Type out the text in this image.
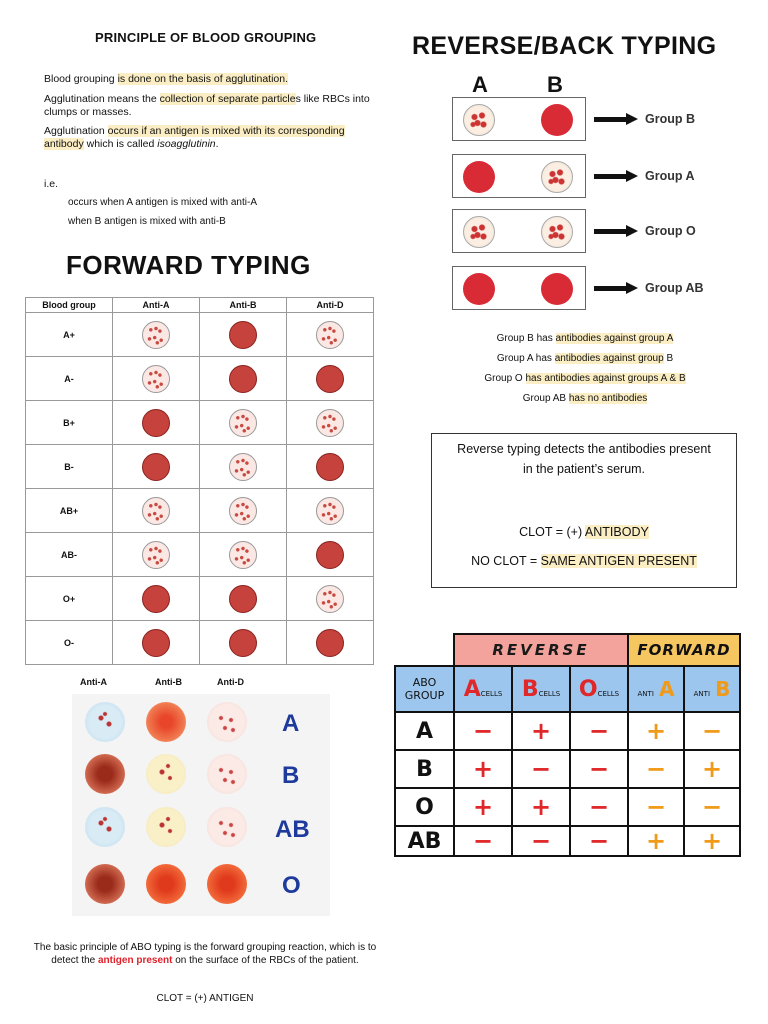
PRINCIPLE OF BLOOD GROUPING
Blood grouping is done on the basis of agglutination.
Agglutination means the collection of separate particles like RBCs into clumps or masses.
Agglutination occurs if an antigen is mixed with its corresponding antibody which is called isoagglutinin.
i.e.
occurs when A antigen is mixed with anti-A
when B antigen is mixed with anti-B
FORWARD TYPING
Blood group	Anti-A	Anti-B	Anti-D
A+			
A-			
B+			
B-			
AB+			
AB-			
O+			
O-			
Anti-A	Anti-B	Anti-D
A
B
AB
O
The basic principle of ABO typing is the forward grouping reaction, which is to
detect the antigen present on the surface of the RBCs of the patient.
CLOT = (+) ANTIGEN
REVERSE/BACK TYPING
A	B
Group B
Group A
Group O
Group AB
Group B has antibodies against group A
Group A has antibodies against group B
Group O has antibodies against groups A & B
Group AB has no antibodies
Reverse typing detects the antibodies present
in the patient’s serum.
CLOT = (+) ANTIBODY
NO CLOT = SAME ANTIGEN PRESENT
	REVERSE			FORWARD	
ABO
GROUP	ACELLS	BCELLS	OCELLS	ANTI A	ANTI B
A	−	+	−	+	−
B	+	−	−	−	+
O	+	+	−	−	−
AB	−	−	−	+	+
